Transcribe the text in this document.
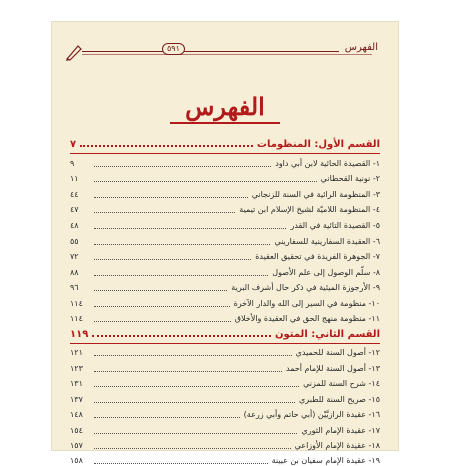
الفهرس
٥٩١
الفهرس
القسم الأول: المنظومات
٧
١- القصيدة الحائية لابن أبي داود
٩
٢- نونية القحطاني
١١
٣- المنظومة الرائية في السنة للزنجاني
٤٤
٤- المنظومة اللاميّة لشيخ الإسلام ابن تيمية
٤٧
٥- القصيدة التائية في القدر
٤٨
٦- العقيدة السفارينية للسفاريني
٥٥
٧- الجوهرة الفريدة في تحقيق العقيدة
٧٢
٨- سلّم الوصول إلى علم الأصول
٨٨
٩- الأرجوزة الميئية في ذكر حال أشرف البرية
٩٦
١٠- منظومة في السير إلى الله والدار الآخرة
١١٤
١١- منظومة منهج الحق في العقيدة والأخلاق
١١٤
القسم الثاني: المتون
١١٩
١٢- أصول السنة للحميدي
١٢١
١٣- أصول السنة للإمام أحمد
١٢٣
١٤- شرح السنة للمزني
١٣١
١٥- صريح السنة للطبري
١٣٧
١٦- عقيدة الرازيَّيْن (أبي حاتم وأبي زرعة)
١٤٨
١٧- عقيدة الإمام الثوري
١٥٤
١٨- عقيدة الإمام الأوزاعي
١٥٧
١٩- عقيدة الإمام سفيان بن عيينة
١٥٨
